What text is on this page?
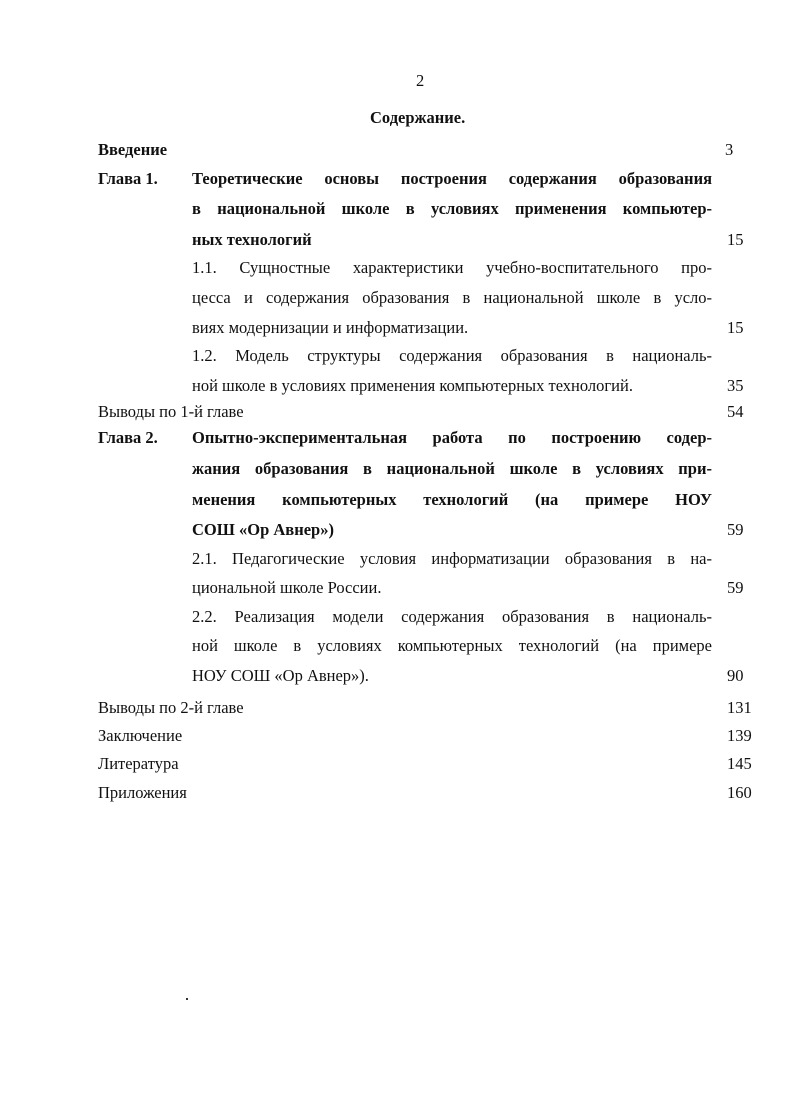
2
Содержание.
Введение	3
Глава 1. Теоретические основы построения содержания образования
в национальной школе в условиях применения компьютер-
ных технологий	15
1.1. Сущностные характеристики учебно-воспитательного про-
цесса и содержания образования в национальной школе в усло-
виях модернизации и информатизации.	15
1.2. Модель структуры содержания образования в националь-
ной школе в условиях применения компьютерных технологий.	35
Выводы по 1-й главе	54
Глава 2. Опытно-экспериментальная работа по построению содер-
жания образования в национальной школе в условиях при-
менения компьютерных технологий (на примере НОУ
СОШ «Ор Авнер»)	59
2.1. Педагогические условия информатизации образования в на-
циональной школе России.	59
2.2. Реализация модели содержания образования в националь-
ной школе в условиях компьютерных технологий (на примере
НОУ СОШ «Ор Авнер»).	90
Выводы по 2-й главе	131
Заключение	139
Литература	145
Приложения	160
